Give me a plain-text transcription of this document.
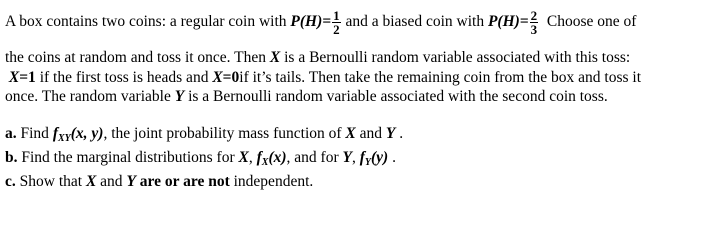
A box contains two coins: a regular coin with $P(H)= \frac{1}{2}$ and a biased coin with $P(H)= \frac{2}{3}$ Choose one of
the coins at random and toss it once. Then X is a Bernoulli random variable associated with this toss:
X=1 if the first toss is heads and X=0if it’s tails. Then take the remaining coin from the box and toss it
once. The random variable Y is a Bernoulli random variable associated with the second coin toss.
a. Find $f_{XY}(x$, y), the joint probability mass function of X and Y .
b. Find the marginal distributions for X, $f_X(x)$, and for Y, $f_Y(y)$ .
c. Show that X and Y are or are not independent.
